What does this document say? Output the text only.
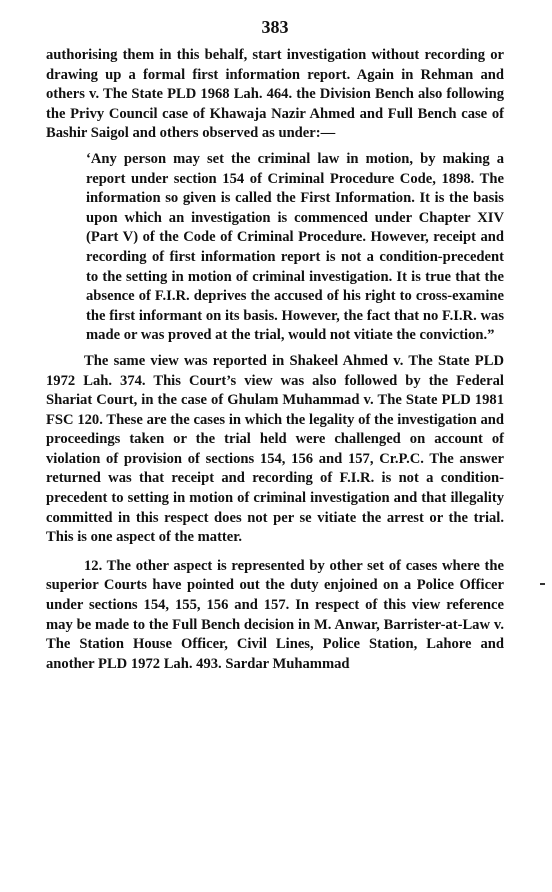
383

authorising them in this behalf, start investigation without recording or drawing up a formal first information report. Again in Rehman and others v. The State PLD 1968 Lah. 464. the Division Bench also following the Privy Council case of Khawaja Nazir Ahmed and Full Bench case of Bashir Saigol and others observed as under:—

‘Any person may set the criminal law in motion, by making a report under section 154 of Criminal Procedure Code, 1898. The information so given is called the First Information. It is the basis upon which an investigation is commenced under Chapter XIV (Part V) of the Code of Criminal Procedure. However, receipt and recording of first information report is not a condition-precedent to the setting in motion of criminal investigation. It is true that the absence of F.I.R. deprives the accused of his right to cross-examine the first informant on its basis. However, the fact that no F.I.R. was made or was proved at the trial, would not vitiate the conviction.”

The same view was reported in Shakeel Ahmed v. The State PLD 1972 Lah. 374. This Court’s view was also followed by the Federal Shariat Court, in the case of Ghulam Muhammad v. The State PLD 1981 FSC 120. These are the cases in which the legality of the investigation and proceedings taken or the trial held were challenged on account of violation of provision of sections 154, 156 and 157, Cr.P.C. The answer returned was that receipt and recording of F.I.R. is not a condition-precedent to setting in motion of criminal investigation and that illegality committed in this respect does not per se vitiate the arrest or the trial. This is one aspect of the matter.

12. The other aspect is represented by other set of cases where the superior Courts have pointed out the duty enjoined on a Police Officer under sections 154, 155, 156 and 157. In respect of this view reference may be made to the Full Bench decision in M. Anwar, Barrister-at-Law v. The Station House Officer, Civil Lines, Police Station, Lahore and another PLD 1972 Lah. 493. Sardar Muhammad
